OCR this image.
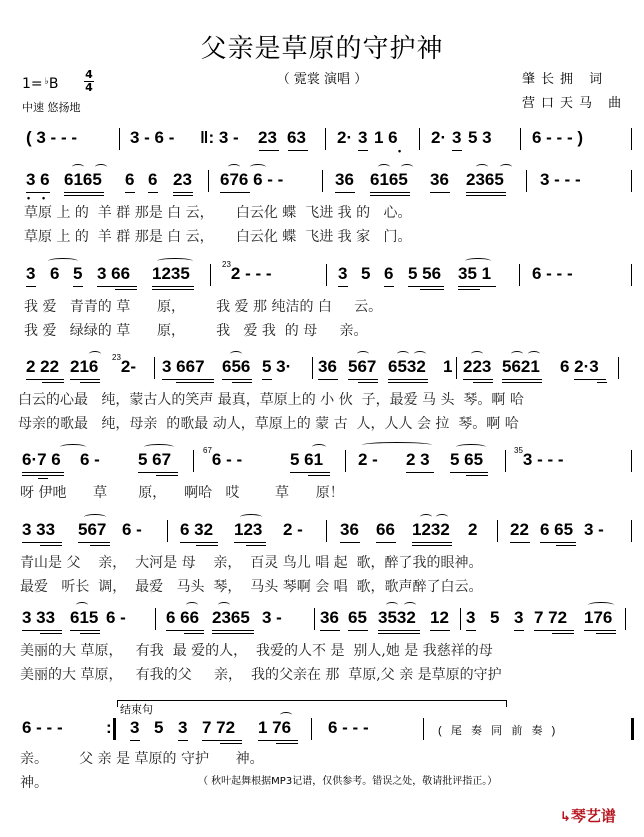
父亲是草原的守护神
（ 霓裳 演唱 ）
1= ♭B
4
4
中速 悠扬地
肇长拥 词
营口天马 曲
( 3 - - -	3 - 6 - ‖: 3 - 23 63 2· 3 1 6
•
2· 3 5 3 6 - - - )
3 6
• •
6165 6 6 23 676 6 - -	36 6165 36 2365 3 - - -
草原 上 的  羊 群 那是 白 云，     白云化 蝶  飞进 我 的   心。
草原 上 的  羊 群 那是 白 云，     白云化 蝶  飞进 我 家   门。
3 6 5 3 66 1235	$^{23}$2 - - -	3 5 6 5 56 35 1 6 - - -
我 爱   青青的 草      原，       我 爱 那 纯洁的 白     云。
我 爱   绿绿的 草      原，       我   爱 我  的 母     亲。
2 22 216 $^{23}$2- 3 667 656 5 3· 36 567 6532 1 223 5621 6 2·3
白云的心最   纯，蒙古人的笑声 最真，草原上的 小 伙  子，最爱 马 头  琴。啊 哈
母亲的歌最   纯，母亲  的歌最 动人，草原上的 蒙 古  人，人人 会 拉  琴。啊 哈
6·7 6 6 - 5 67	$^{67}$6 - -	5 61 2 - 2 3 5 65	$^{35}$3 - - -
呀 伊吔      草       原，    啊哈   哎        草      原！
3 33 567 6 - 6 32 123 2 - 36 66 1232 2 22 6 65 3 -
青山是 父    亲，  大河是 母    亲，  百灵 鸟儿 唱 起  歌，醉了我的眼神。
最爱   听长  调，  最爱   马头  琴，  马头 琴啊 会 唱  歌，歌声醉了白云。
3 33 615 6 - 6 66 2365 3 - 36 65 3532 12 3 5 3 7 72 176
美丽的大 草原，   有我  最 爱的人，  我爱的人不 是  别人,她 是 我慈祥的母
美丽的大 草原，   有我的父     亲，  我的父亲在 那  草原,父 亲 是草原的守护
结束句
6 - - -	: 3 5 3 7 72 1 76 6 - - -	(   尾   奏   同   前   奏   )
亲。       父 亲 是 草原的 守护      神。
神。	（ 秋叶起舞根据MP3记谱，仅供参考。错误之处，敬请批评指正。）
↳琴艺谱
